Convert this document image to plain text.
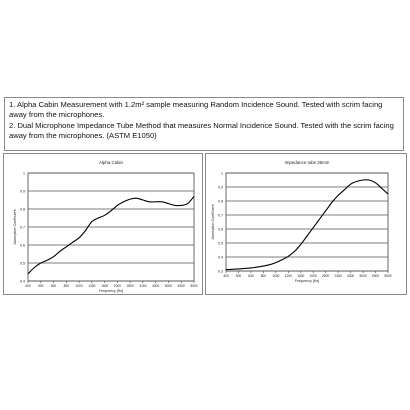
1. Alpha Cabin Measurement with 1.2m² sample measuring Random Incidence Sound. Tested with scrim facing away from the microphones.

2. Dual Microphone Impedance Tube Method that measures Normal Incidence Sound. Tested with the scrim facing away from the microphones. (ASTM E1050)

0.4
0.5
0.6
0.7
0.8
0.9
1
400 500 630 800 1000 1250 1600 2000 2500 3150 4000 5000 6300 8000
Alpha Cabin
Frequency [Hz]
Absorption Coefficient
0.3
0.4
0.5
0.6
0.7
0.8
0.9
1
400 500 630 800 1000 1250 1600 2000 2500 3150 4000 5000 6300 8000
Impedance tube 25mm
Frequency [Hz]
Absorption Coefficient
